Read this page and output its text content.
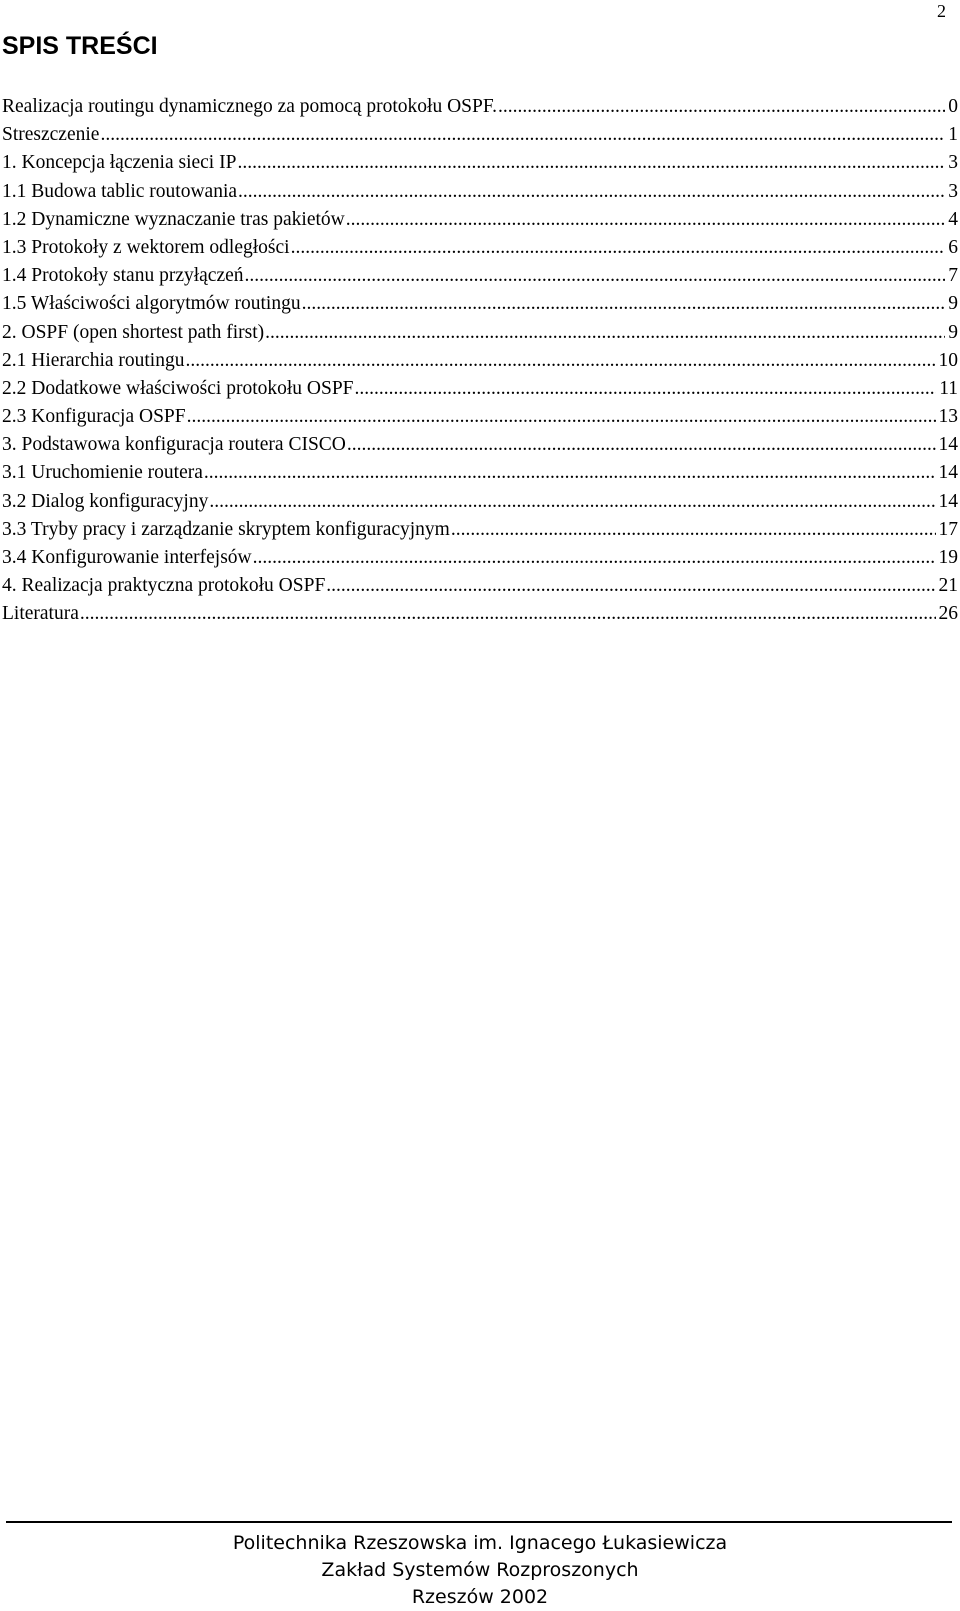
2
SPIS TREŚCI
Realizacja routingu dynamicznego za pomocą protokołu OSPF. .....	0
Streszczenie .....	1
1. Koncepcja łączenia sieci IP .....	3
1.1 Budowa tablic routowania .....	3
1.2 Dynamiczne wyznaczanie tras pakietów .....	4
1.3 Protokoły z wektorem odległości .....	6
1.4 Protokoły stanu przyłączeń .....	7
1.5 Właściwości algorytmów routingu .....	9
2. OSPF (open shortest path first) .....	9
2.1 Hierarchia routingu .....	10
2.2 Dodatkowe właściwości protokołu OSPF .....	11
2.3 Konfiguracja OSPF .....	13
3. Podstawowa konfiguracja routera CISCO .....	14
3.1 Uruchomienie routera .....	14
3.2 Dialog konfiguracyjny .....	14
3.3 Tryby pracy i zarządzanie skryptem konfiguracyjnym .....	17
3.4 Konfigurowanie interfejsów .....	19
4. Realizacja praktyczna protokołu OSPF .....	21
Literatura .....	26
Politechnika Rzeszowska im. Ignacego Łukasiewicza
Zakład Systemów Rozproszonych
Rzeszów 2002
